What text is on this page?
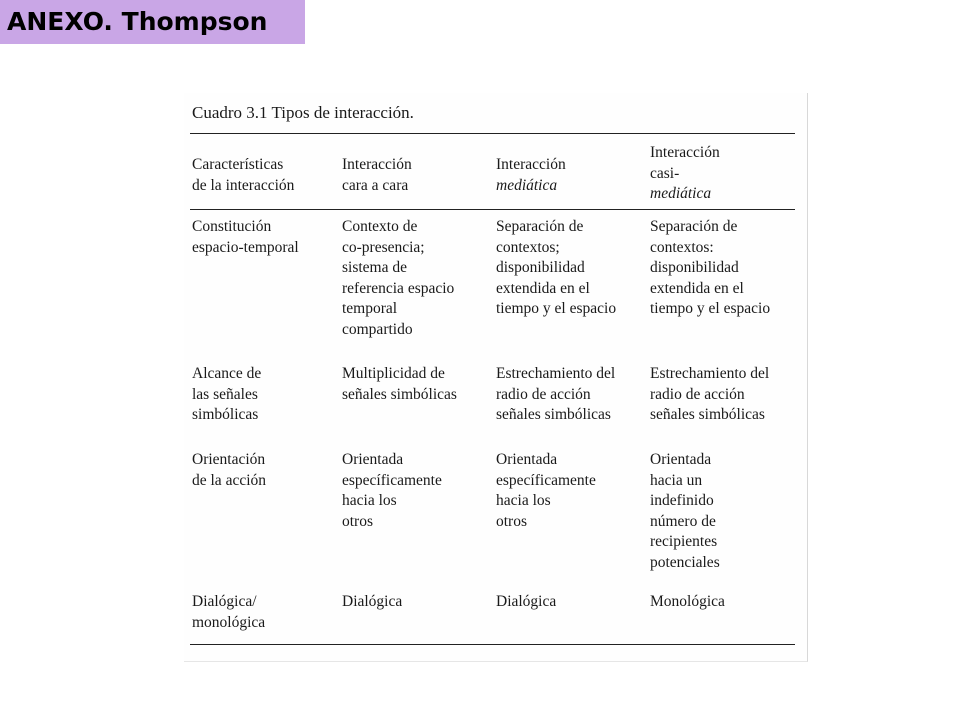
ANEXO. Thompson
Cuadro 3.1 Tipos de interacción.
Características
de la interacción
Interacción
cara a cara
Interacción
mediática
Interacción
casi-
mediática
Constitución
espacio-temporal
Contexto de
co-presencia;
sistema de
referencia espacio
temporal
compartido
Separación de
contextos;
disponibilidad
extendida en el
tiempo y el espacio
Separación de
contextos:
disponibilidad
extendida en el
tiempo y el espacio
Alcance de
las señales
simbólicas
Multiplicidad de
señales simbólicas
Estrechamiento del
radio de acción
señales simbólicas
Estrechamiento del
radio de acción
señales simbólicas
Orientación
de la acción
Orientada
específicamente
hacia los
otros
Orientada
específicamente
hacia los
otros
Orientada
hacia un
indefinido
número de
recipientes
potenciales
Dialógica/
monológica
Dialógica	Dialógica	Monológica
